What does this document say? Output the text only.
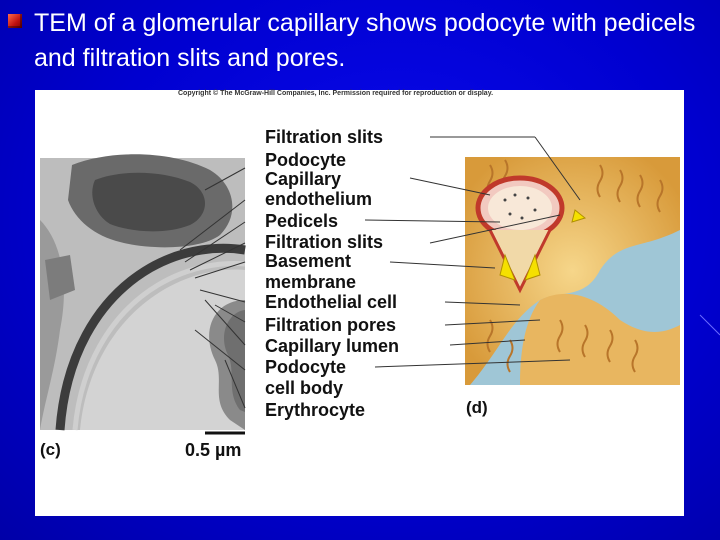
TEM of a glomerular capillary shows podocyte with pedicels and filtration slits and pores.
Copyright © The McGraw-Hill Companies, Inc. Permission required for reproduction or display.
Filtration slits
Podocyte
Capillary
endothelium
Pedicels
Filtration slits
Basement
membrane
Endothelial cell
Filtration pores
Capillary lumen
Podocyte
cell body
Erythrocyte
(c)
(d)
0.5 µm
